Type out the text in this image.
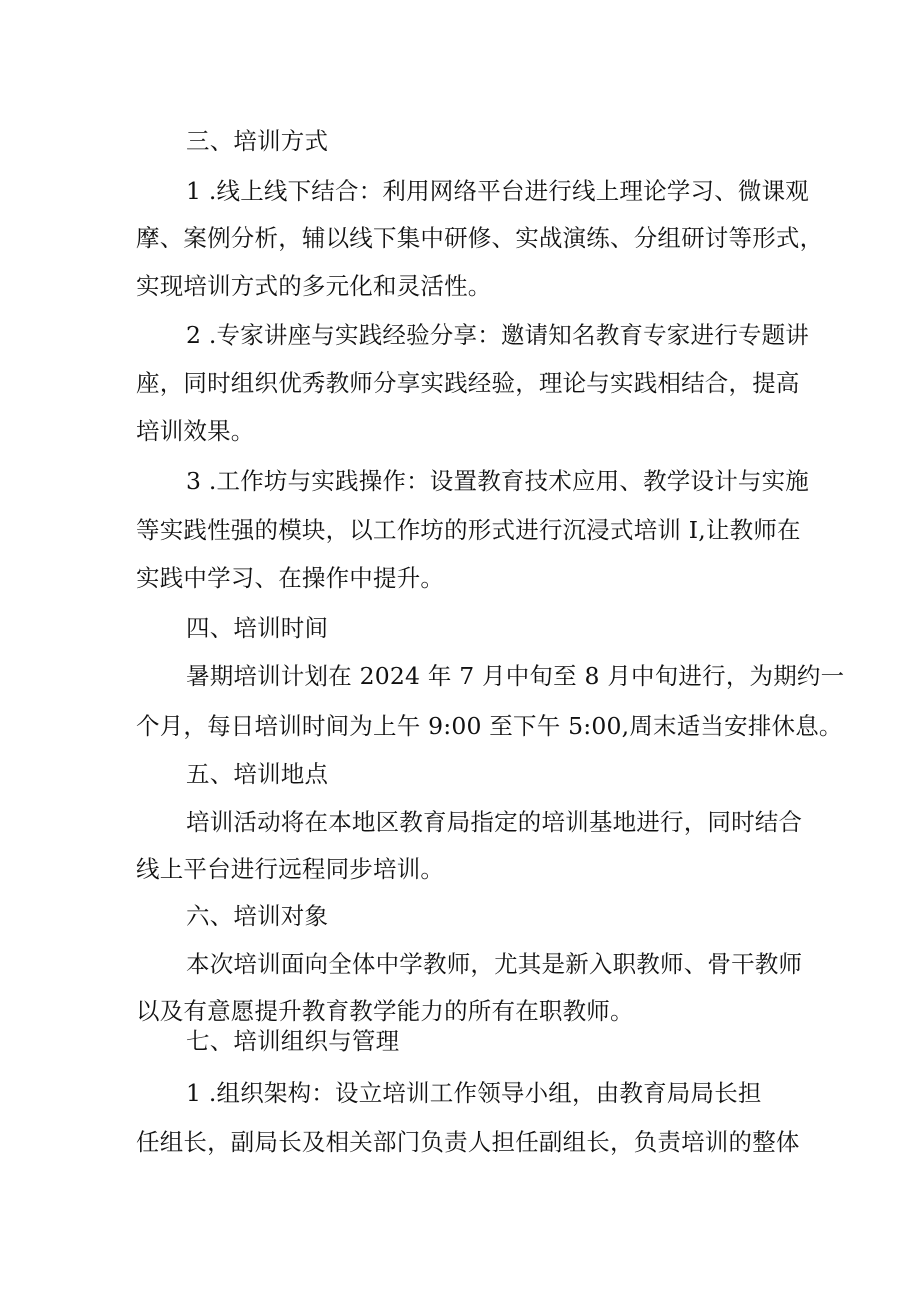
三、培训方式
1 .线上线下结合：利用网络平台进行线上理论学习、微课观
摩、案例分析，辅以线下集中研修、实战演练、分组研讨等形式，
实现培训方式的多元化和灵活性。
2 .专家讲座与实践经验分享：邀请知名教育专家进行专题讲
座，同时组织优秀教师分享实践经验，理论与实践相结合，提高
培训效果。
3 .工作坊与实践操作：设置教育技术应用、教学设计与实施
等实践性强的模块，以工作坊的形式进行沉浸式培训 I,让教师在
实践中学习、在操作中提升。
四、培训时间
暑期培训计划在 2024 年 7 月中旬至 8 月中旬进行，为期约一
个月，每日培训时间为上午 9:00 至下午 5:00,周末适当安排休息。
五、培训地点
培训活动将在本地区教育局指定的培训基地进行，同时结合
线上平台进行远程同步培训。
六、培训对象
本次培训面向全体中学教师，尤其是新入职教师、骨干教师
以及有意愿提升教育教学能力的所有在职教师。
七、培训组织与管理
1 .组织架构：设立培训工作领导小组，由教育局局长担
任组长，副局长及相关部门负责人担任副组长，负责培训的整体
